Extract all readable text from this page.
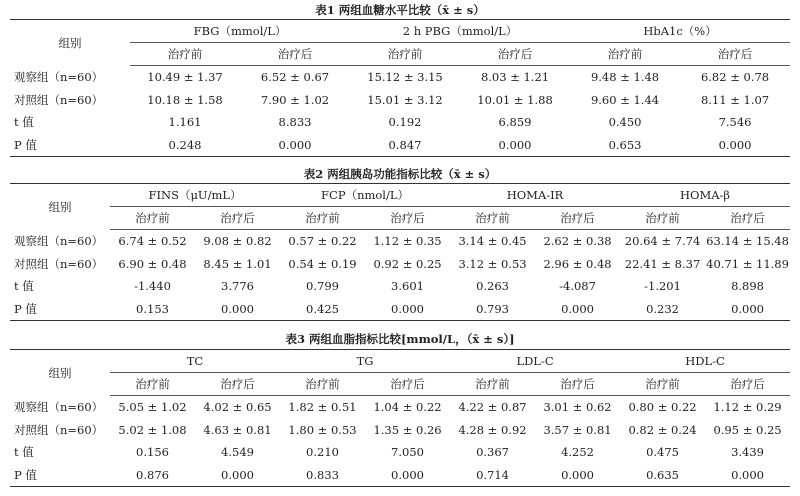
表1 两组血糖水平比较（x̄ ± s）
组别	FBG（mmol/L）		2 h PBG（mmol/L）		HbA1c（%）	
	治疗前	治疗后	治疗前	治疗后	治疗前	治疗后
观察组（n=60）	10.49 ± 1.37	6.52 ± 0.67	15.12 ± 3.15	8.03 ± 1.21	9.48 ± 1.48	6.82 ± 0.78
对照组（n=60）	10.18 ± 1.58	7.90 ± 1.02	15.01 ± 3.12	10.01 ± 1.88	9.60 ± 1.44	8.11 ± 1.07
t 值	1.161	8.833	0.192	6.859	0.450	7.546
P 值	0.248	0.000	0.847	0.000	0.653	0.000
表2 两组胰岛功能指标比较（x̄ ± s）
组别	FINS（μU/mL）		FCP（nmol/L）		HOMA-IR		HOMA-β	
	治疗前	治疗后	治疗前	治疗后	治疗前	治疗后	治疗前	治疗后
观察组（n=60）	6.74 ± 0.52	9.08 ± 0.82	0.57 ± 0.22	1.12 ± 0.35	3.14 ± 0.45	2.62 ± 0.38	20.64 ± 7.74	63.14 ± 15.48
对照组（n=60）	6.90 ± 0.48	8.45 ± 1.01	0.54 ± 0.19	0.92 ± 0.25	3.12 ± 0.53	2.96 ± 0.48	22.41 ± 8.37	40.71 ± 11.89
t 值	-1.440	3.776	0.799	3.601	0.263	-4.087	-1.201	8.898
P 值	0.153	0.000	0.425	0.000	0.793	0.000	0.232	0.000
表3 两组血脂指标比较[mmol/L，（x̄ ± s）]
组别	TC		TG		LDL-C		HDL-C	
	治疗前	治疗后	治疗前	治疗后	治疗前	治疗后	治疗前	治疗后
观察组（n=60）	5.05 ± 1.02	4.02 ± 0.65	1.82 ± 0.51	1.04 ± 0.22	4.22 ± 0.87	3.01 ± 0.62	0.80 ± 0.22	1.12 ± 0.29
对照组（n=60）	5.02 ± 1.08	4.63 ± 0.81	1.80 ± 0.53	1.35 ± 0.26	4.28 ± 0.92	3.57 ± 0.81	0.82 ± 0.24	0.95 ± 0.25
t 值	0.156	4.549	0.210	7.050	0.367	4.252	0.475	3.439
P 值	0.876	0.000	0.833	0.000	0.714	0.000	0.635	0.000
